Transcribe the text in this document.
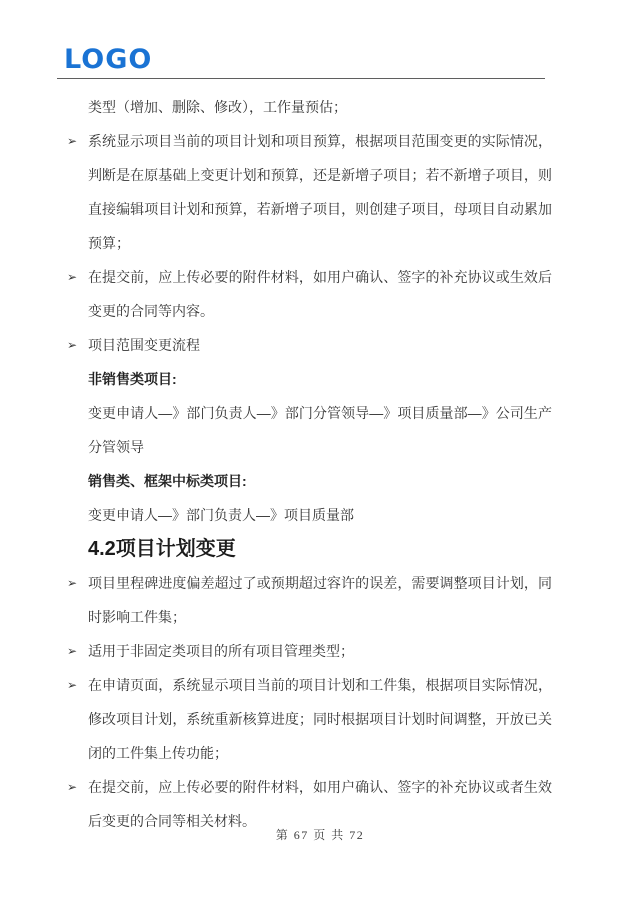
LOGO

类型（增加、删除、修改），工作量预估；

➢ 系统显示项目当前的项目计划和项目预算，根据项目范围变更的实际情况，判断是在原基础上变更计划和预算，还是新增子项目；若不新增子项目，则直接编辑项目计划和预算，若新增子项目，则创建子项目，母项目自动累加预算；

➢ 在提交前，应上传必要的附件材料，如用户确认、签字的补充协议或生效后变更的合同等内容。

➢ 项目范围变更流程

非销售类项目:

变更申请人—》部门负责人—》部门分管领导—》项目质量部—》公司生产分管领导

销售类、框架中标类项目:

变更申请人—》部门负责人—》项目质量部

4.2项目计划变更

➢ 项目里程碑进度偏差超过了或预期超过容许的误差，需要调整项目计划，同时影响工件集；

➢ 适用于非固定类项目的所有项目管理类型；

➢ 在申请页面，系统显示项目当前的项目计划和工件集，根据项目实际情况，修改项目计划，系统重新核算进度；同时根据项目计划时间调整，开放已关闭的工件集上传功能；

➢ 在提交前，应上传必要的附件材料，如用户确认、签字的补充协议或者生效后变更的合同等相关材料。

第 67 页 共 72
